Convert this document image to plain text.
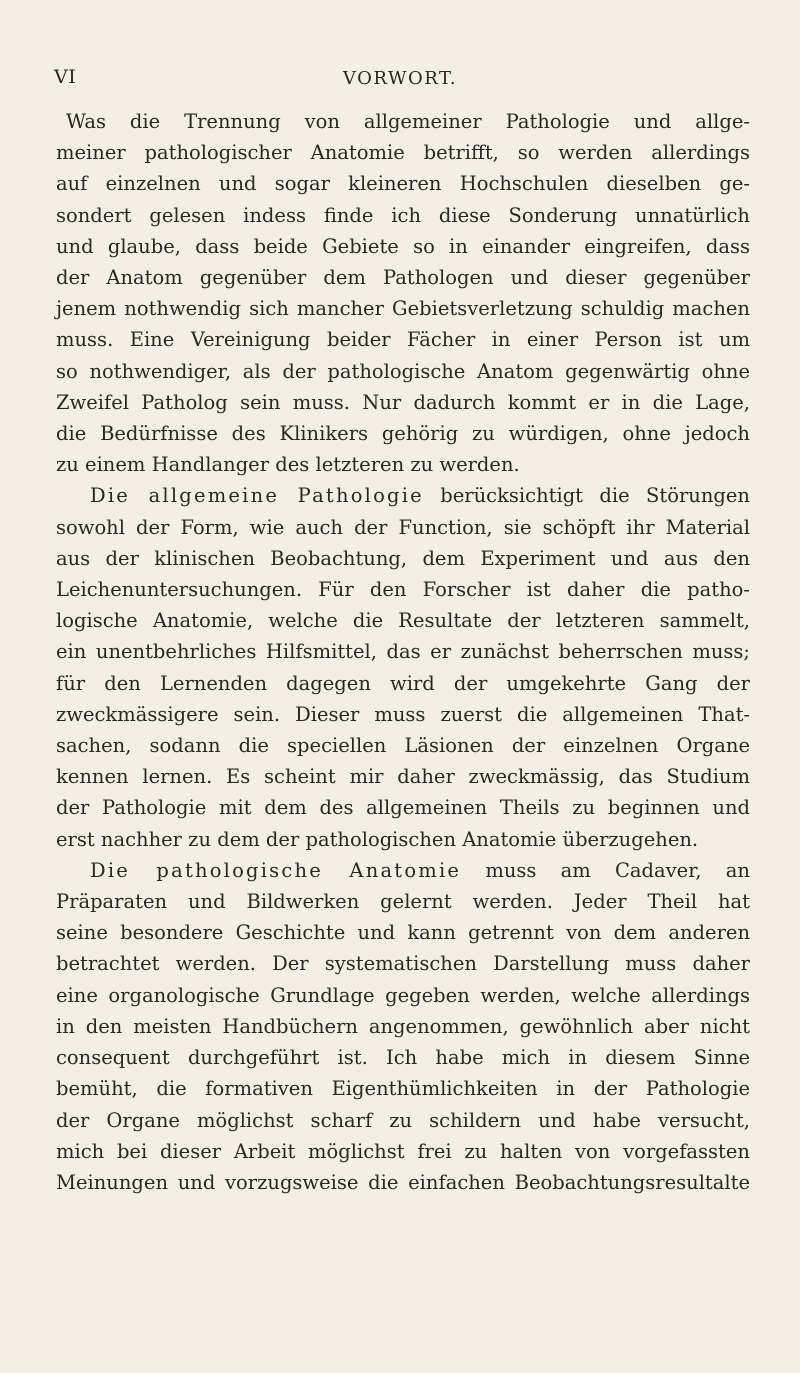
VI	VORWORT.
Was die Trennung von allgemeiner Pathologie und allge-
meiner pathologischer Anatomie betrifft, so werden allerdings
auf einzelnen und sogar kleineren Hochschulen dieselben ge-
sondert gelesen indess finde ich diese Sonderung unnatürlich
und glaube, dass beide Gebiete so in einander eingreifen, dass
der Anatom gegenüber dem Pathologen und dieser gegenüber
jenem nothwendig sich mancher Gebietsverletzung schuldig machen
muss. Eine Vereinigung beider Fächer in einer Person ist um
so nothwendiger, als der pathologische Anatom gegenwärtig ohne
Zweifel Patholog sein muss. Nur dadurch kommt er in die Lage,
die Bedürfnisse des Klinikers gehörig zu würdigen, ohne jedoch
zu einem Handlanger des letzteren zu werden.
Die allgemeine Pathologie berücksichtigt die Störungen
sowohl der Form, wie auch der Function, sie schöpft ihr Material
aus der klinischen Beobachtung, dem Experiment und aus den
Leichenuntersuchungen. Für den Forscher ist daher die patho-
logische Anatomie, welche die Resultate der letzteren sammelt,
ein unentbehrliches Hilfsmittel, das er zunächst beherrschen muss;
für den Lernenden dagegen wird der umgekehrte Gang der
zweckmässigere sein. Dieser muss zuerst die allgemeinen That-
sachen, sodann die speciellen Läsionen der einzelnen Organe
kennen lernen. Es scheint mir daher zweckmässig, das Studium
der Pathologie mit dem des allgemeinen Theils zu beginnen und
erst nachher zu dem der pathologischen Anatomie überzugehen.
Die pathologische Anatomie muss am Cadaver, an
Präparaten und Bildwerken gelernt werden. Jeder Theil hat
seine besondere Geschichte und kann getrennt von dem anderen
betrachtet werden. Der systematischen Darstellung muss daher
eine organologische Grundlage gegeben werden, welche allerdings
in den meisten Handbüchern angenommen, gewöhnlich aber nicht
consequent durchgeführt ist. Ich habe mich in diesem Sinne
bemüht, die formativen Eigenthümlichkeiten in der Pathologie
der Organe möglichst scharf zu schildern und habe versucht,
mich bei dieser Arbeit möglichst frei zu halten von vorgefassten
Meinungen und vorzugsweise die einfachen Beobachtungsresultalte
